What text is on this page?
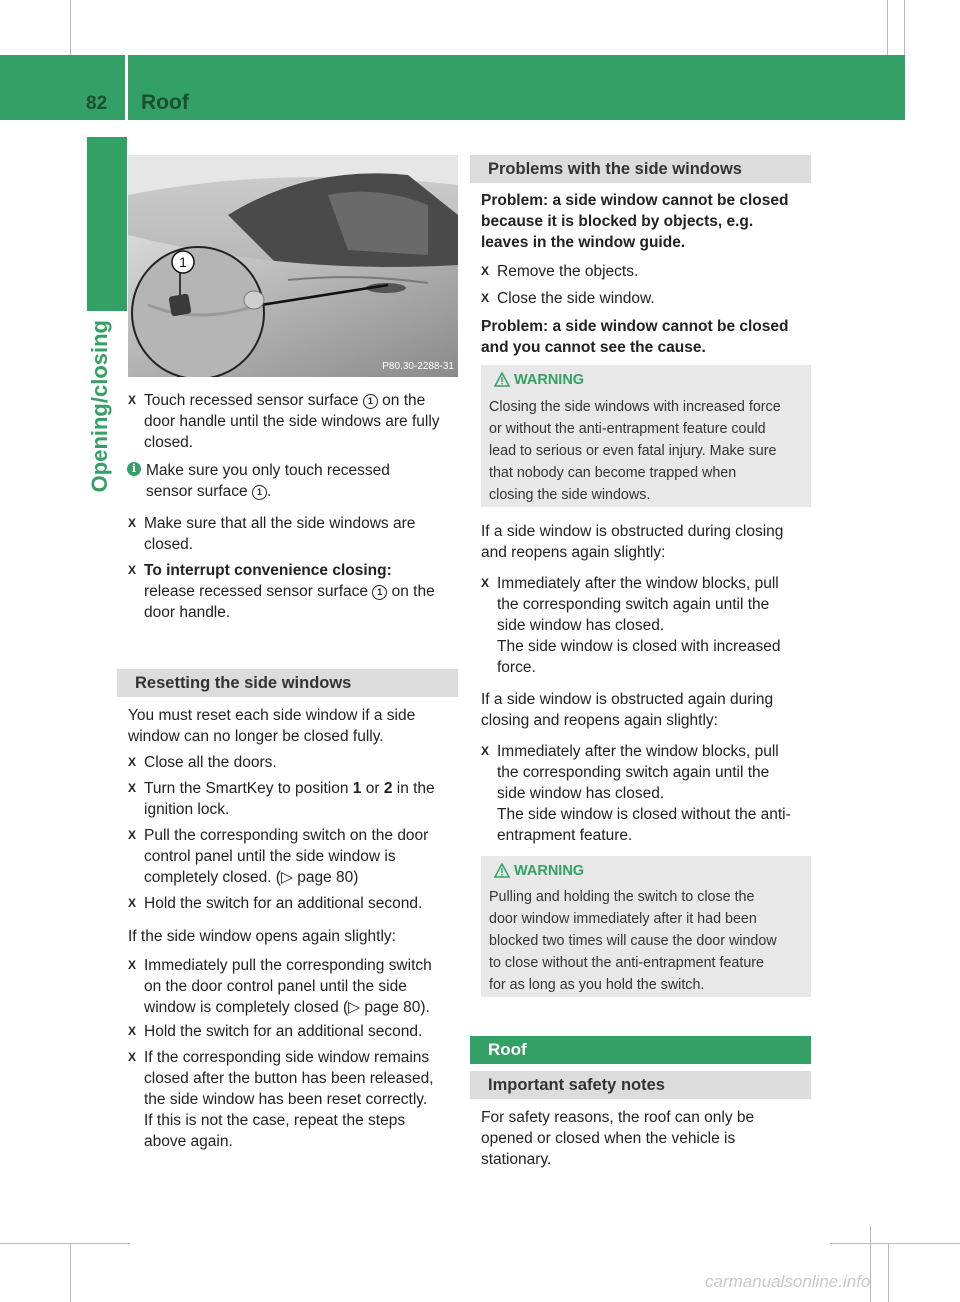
82 Roof
Opening/closing
1
P80.30-2288-31
X Touch recessed sensor surface 1 on the
door handle until the side windows are fully
closed.
i Make sure you only touch recessed
sensor surface 1 .
X Make sure that all the side windows are
closed.
X To interrupt convenience closing:
release recessed sensor surface 1 on the
door handle.
Resetting the side windows
You must reset each side window if a side
window can no longer be closed fully.
X Close all the doors.
X Turn the SmartKey to position 1 or 2 in the
ignition lock.
X Pull the corresponding switch on the door
control panel until the side window is
completely closed. (▷ page 80)
X Hold the switch for an additional second.
If the side window opens again slightly:
X Immediately pull the corresponding switch
on the door control panel until the side
window is completely closed (▷ page 80).
X Hold the switch for an additional second.
X If the corresponding side window remains
closed after the button has been released,
the side window has been reset correctly.
If this is not the case, repeat the steps
above again.
Problems with the side windows
Problem: a side window cannot be closed
because it is blocked by objects, e.g.
leaves in the window guide.
X Remove the objects.
X Close the side window.
Problem: a side window cannot be closed
and you cannot see the cause.
WARNING
Closing the side windows with increased force
or without the anti-entrapment feature could
lead to serious or even fatal injury. Make sure
that nobody can become trapped when
closing the side windows.
If a side window is obstructed during closing
and reopens again slightly:
X Immediately after the window blocks, pull
the corresponding switch again until the
side window has closed.
The side window is closed with increased
force.
If a side window is obstructed again during
closing and reopens again slightly:
X Immediately after the window blocks, pull
the corresponding switch again until the
side window has closed.
The side window is closed without the anti-
entrapment feature.
WARNING
Pulling and holding the switch to close the
door window immediately after it had been
blocked two times will cause the door window
to close without the anti-entrapment feature
for as long as you hold the switch.
Roof
Important safety notes
For safety reasons, the roof can only be
opened or closed when the vehicle is
stationary.
carmanualsonline.info
